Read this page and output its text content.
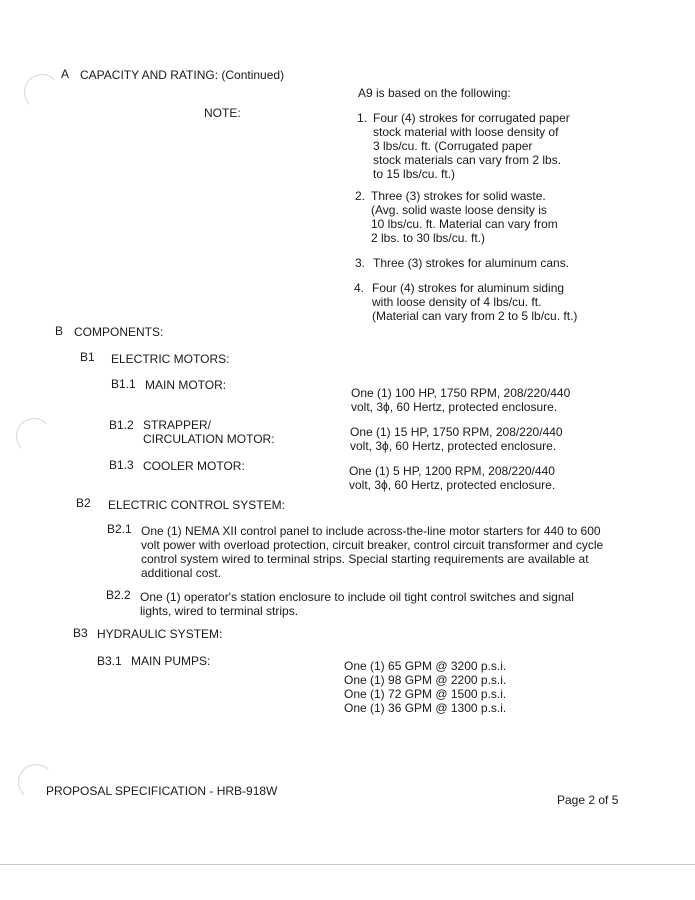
A CAPACITY AND RATING: (Continued)
NOTE:
A9 is based on the following:
1. Four (4) strokes for corrugated paper
stock material with loose density of
3 lbs/cu. ft. (Corrugated paper
stock materials can vary from 2 lbs.
to 15 lbs/cu. ft.)
2. Three (3) strokes for solid waste.
(Avg. solid waste loose density is
10 lbs/cu. ft. Material can vary from
2 lbs. to 30 lbs/cu. ft.)
3. Three (3) strokes for aluminum cans.
4. Four (4) strokes for aluminum siding
with loose density of 4 lbs/cu. ft.
(Material can vary from 2 to 5 lb/cu. ft.)
B COMPONENTS:
B1 ELECTRIC MOTORS:
B1.1 MAIN MOTOR:
One (1) 100 HP, 1750 RPM, 208/220/440
volt, 3ϕ, 60 Hertz, protected enclosure.
B1.2 STRAPPER/
CIRCULATION MOTOR:	One (1) 15 HP, 1750 RPM, 208/220/440
volt, 3ϕ, 60 Hertz, protected enclosure.
B1.3 COOLER MOTOR:	One (1) 5 HP, 1200 RPM, 208/220/440
volt, 3ϕ, 60 Hertz, protected enclosure.
B2 ELECTRIC CONTROL SYSTEM:
B2.1 One (1) NEMA XII control panel to include across-the-line motor starters for 440 to 600
volt power with overload protection, circuit breaker, control circuit transformer and cycle
control system wired to terminal strips. Special starting requirements are available at
additional cost.
B2.2 One (1) operator's station enclosure to include oil tight control switches and signal
lights, wired to terminal strips.
B3 HYDRAULIC SYSTEM:
B3.1 MAIN PUMPS:	One (1) 65 GPM @ 3200 p.s.i.
One (1) 98 GPM @ 2200 p.s.i.
One (1) 72 GPM @ 1500 p.s.i.
One (1) 36 GPM @ 1300 p.s.i.
PROPOSAL SPECIFICATION - HRB-918W
Page 2 of 5
